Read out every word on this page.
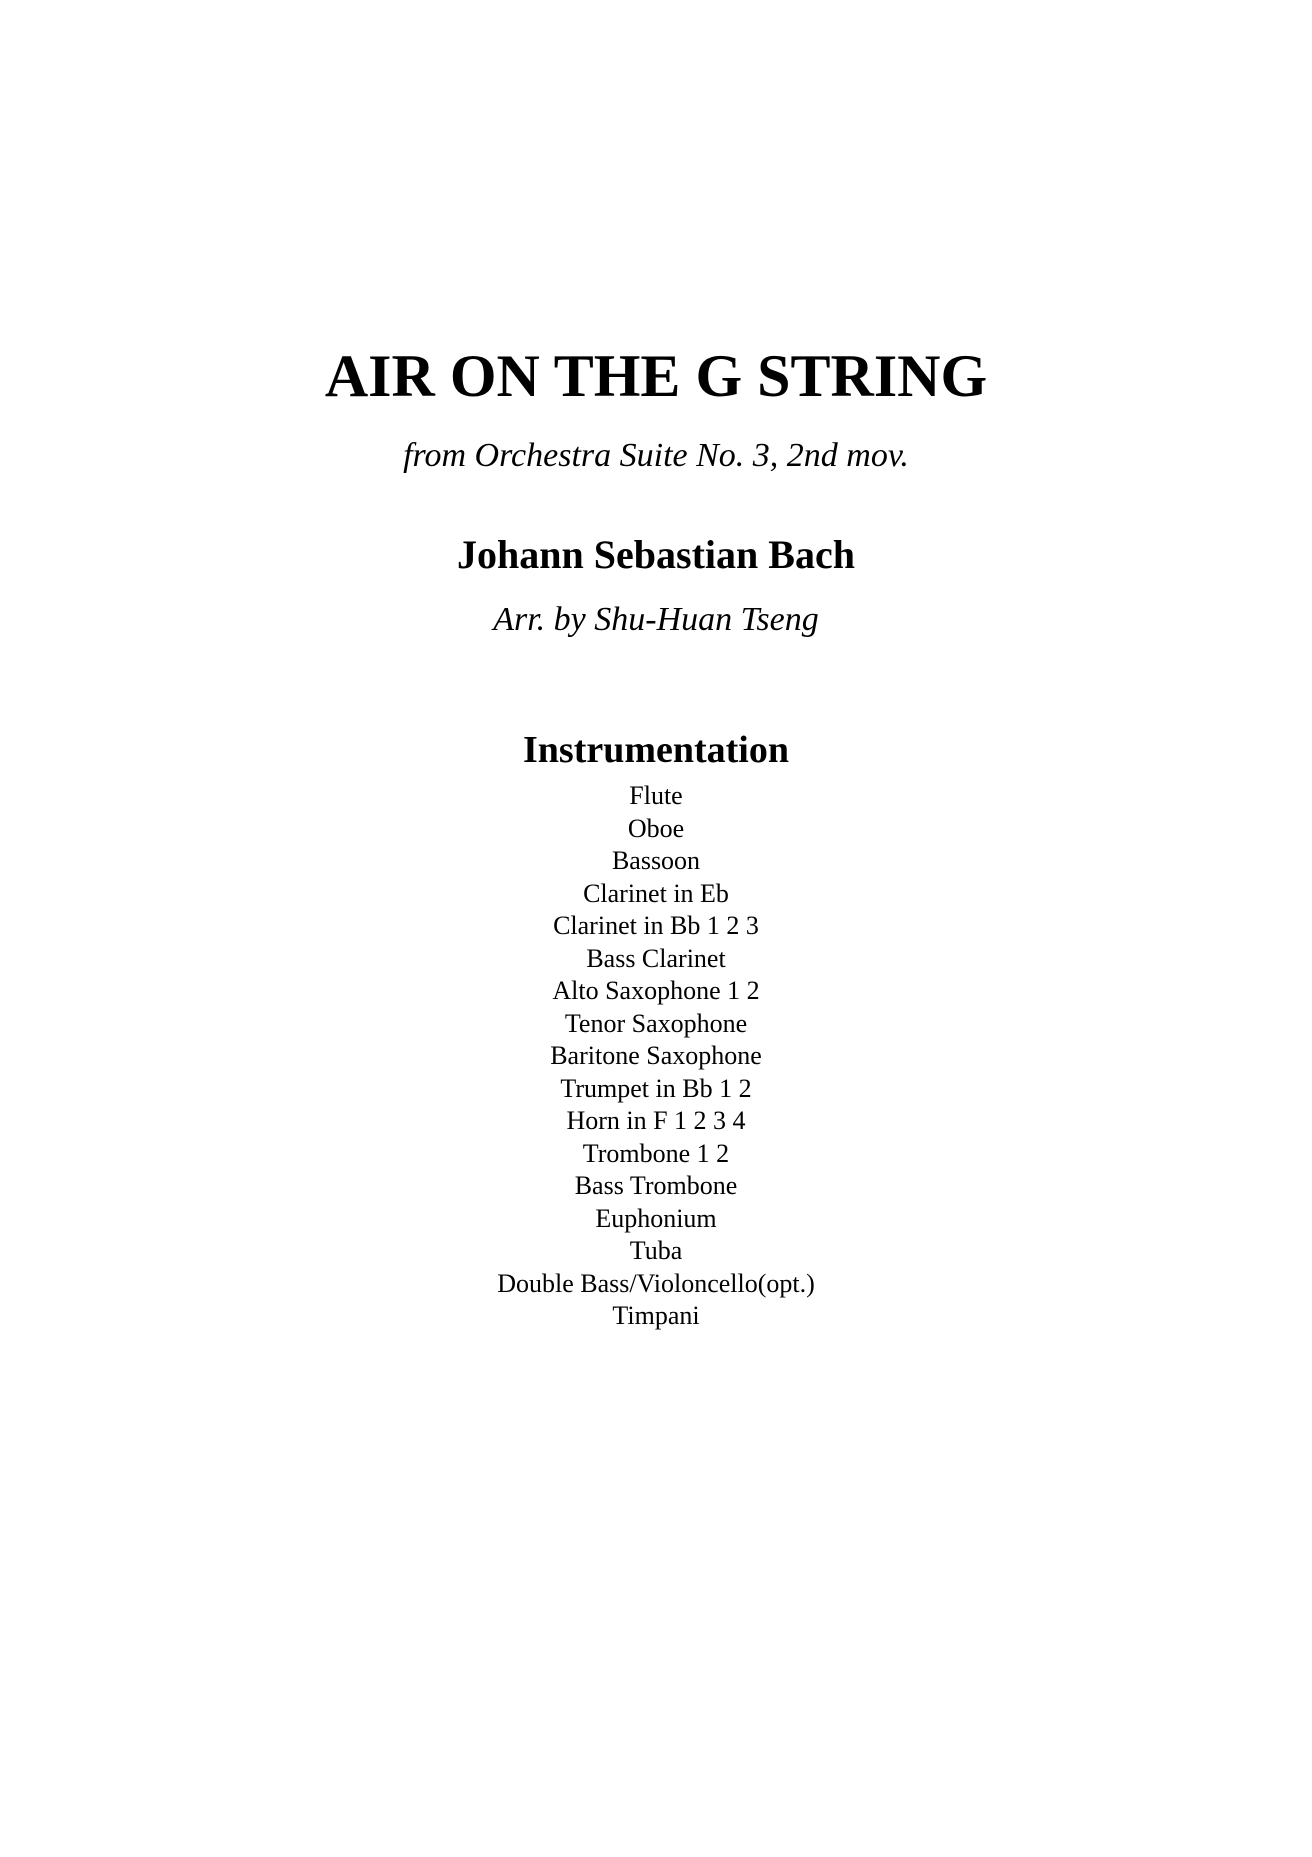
AIR ON THE G STRING
from Orchestra Suite No. 3, 2nd mov.
Johann Sebastian Bach
Arr. by Shu-Huan Tseng
Instrumentation
Flute
Oboe
Bassoon
Clarinet in Eb
Clarinet in Bb 1 2 3
Bass Clarinet
Alto Saxophone 1 2
Tenor Saxophone
Baritone Saxophone
Trumpet in Bb 1 2
Horn in F 1 2 3 4
Trombone 1 2
Bass Trombone
Euphonium
Tuba
Double Bass/Violoncello(opt.)
Timpani
